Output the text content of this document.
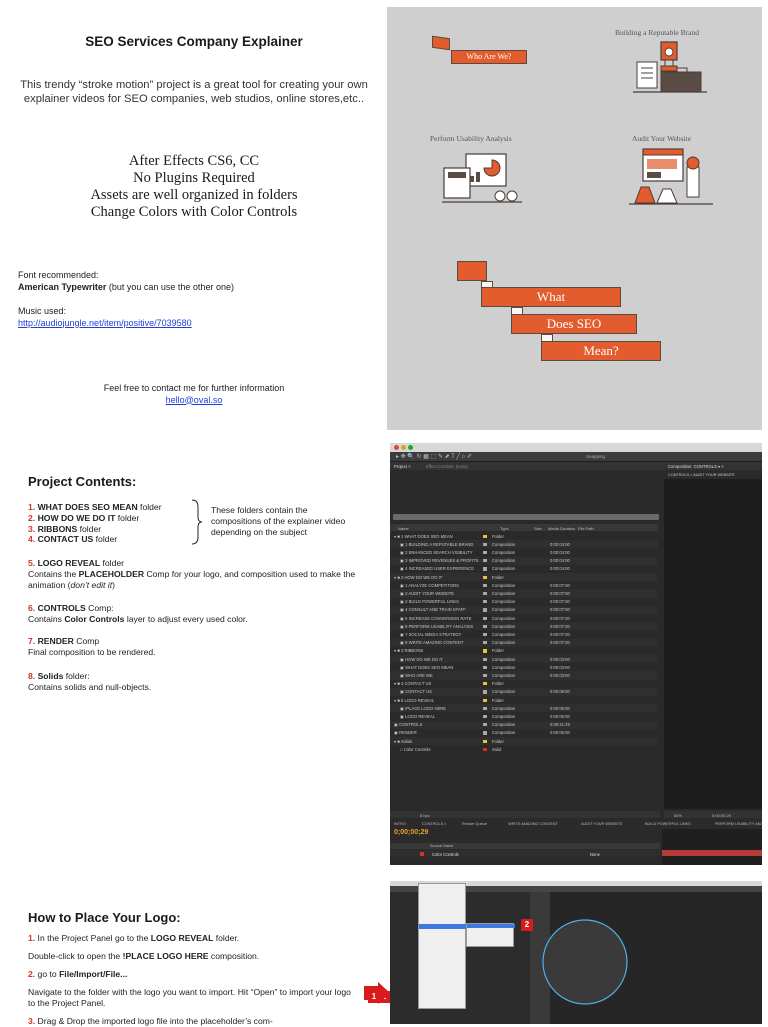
SEO Services Company Explainer
This trendy “stroke motion” project is a great tool for creating your own explainer videos for SEO companies, web studios, online stores,etc..
After Effects CS6, CC
No Plugins Required
Assets are well organized in folders
Change Colors with Color Controls
Font recommended:
American Typewriter (but you can use the other one)
Music used:
http://audiojungle.net/item/positive/7039580
Feel free to contact me for further information
hello@oval.so
Who Are We?
Building a Reputable Brand
Perform Usability Analysis	Audit Your Website
What
Does SEO
Mean?
Project Contents:
1. WHAT DOES SEO MEAN folder
2. HOW DO WE DO IT folder
3. RIBBONS folder
4. CONTACT US folder
These folders contain the compositions of the explainer video depending on the subject
5. LOGO REVEAL folder
Contains the PLACEHOLDER Comp for your logo, and composition used to make the animation (don’t edit it)
6. CONTROLS Comp:
Contains Color Controls layer to adjust every used color.
7. RENDER Comp
Final composition to be rendered.
8. Solids folder:
Contains solids and null-objects.
▸ ✥ 🔍 ↻ ▦ ⬚ ✎ ⬈ T ╱ ⌂ ✐	Snapping
Project ×	Effect Controls: (none)	Composition: CONTROLS ▾ ×
CONTROLS × AUDIT YOUR WEBSITE
Name	Type	Size Media Duration File Path
▾ ■ 1 WHAT DOES SEO MEAN	Folder
▣ 1 BUILDING A REPUTABLE BRAND	Composition	0:00:04:00
▣ 2 ENHANCED SEARCH VISIBILITY	Composition	0:00:04:00
▣ 3 IMPROVED REVENUES & PROFITS	Composition	0:00:04:00
▣ 4 INCREASED USER EXPERIENCE	Composition	0:00:04:00
▾ ■ 2 HOW DO WE DO IT	Folder
▣ 1 ANALYZE COMPETITORS	Composition	0:00:07:00
▣ 2 AUDIT YOUR WEBSITE	Composition	0:00:07:00
▣ 3 BUILD POWERFUL LINKS	Composition	0:00:07:00
▣ 4 CONSULT AND TRAIN STAFF	Composition	0:00:07:00
▣ 5 INCREASE CONVERSION RATE	Composition	0:00:07:00
▣ 6 PERFORM USABILITY ANALYSIS	Composition	0:00:07:00
▣ 7 SOCIAL MEDIA STRATEGY	Composition	0:00:07:00
▣ 8 WRITE AMAZING CONTENT	Composition	0:00:07:00
▾ ■ 3 RIBBONS	Folder
▣ HOW DO WE DO IT	Composition	0:00:03:00
▣ WHAT DOES SEO MEAN	Composition	0:00:03:00
▣ WHO ARE WE	Composition	0:00:03:00
▾ ■ 4 CONTACT US	Folder
▣ CONTACT US	Composition	0:00:06:00
▾ ■ 5 LOGO REVEAL	Folder
▣ !PLACE LOGO HERE	Composition	0:00:05:00
▣ LOGO REVEAL	Composition	0:00:05:00
▣ CONTROLS	Composition	0:00:21:29
▣ RENDER	Composition	0:00:05:00
▾ ■ Solids	Folder
□ Color Controls	Solid
8 bpc	50%	0;00;00;29
INTRO	CONTROLS ×	Render Queue	WRITE AMAZING CONTENT	AUDIT YOUR WEBSITE	BUILD POWERFUL LINKS	PERFORM USABILITY ANA
0;00;00;29
Source Name
Color Controls	None
How to Place Your Logo:
1. In the Project Panel go to the LOGO REVEAL folder.
Double-click to open the !PLACE LOGO HERE composition.
2. go to File/Import/File...
Navigate to the folder with the logo you want to import. Hit “Open” to import your logo to the Project Panel.
3. Drag & Drop the imported logo file into the placeholder’s com-
2
1
